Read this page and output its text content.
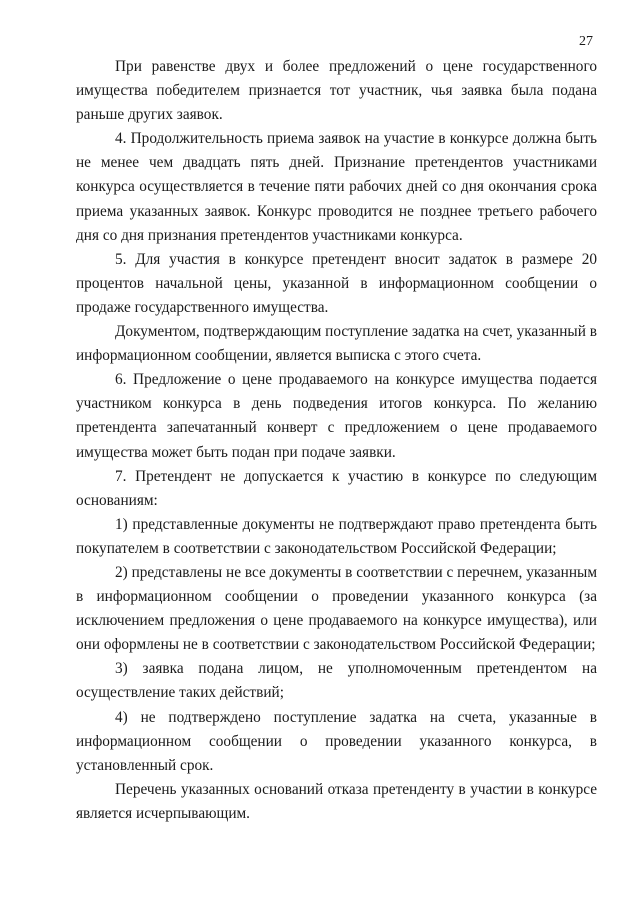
27

При равенстве двух и более предложений о цене государственного имущества победителем признается тот участник, чья заявка была подана раньше других заявок.

4. Продолжительность приема заявок на участие в конкурсе должна быть не менее чем двадцать пять дней. Признание претендентов участниками конкурса осуществляется в течение пяти рабочих дней со дня окончания срока приема указанных заявок. Конкурс проводится не позднее третьего рабочего дня со дня признания претендентов участниками конкурса.

5. Для участия в конкурсе претендент вносит задаток в размере 20 процентов начальной цены, указанной в информационном сообщении о продаже государственного имущества.

Документом, подтверждающим поступление задатка на счет, указанный в информационном сообщении, является выписка с этого счета.

6. Предложение о цене продаваемого на конкурсе имущества подается участником конкурса в день подведения итогов конкурса. По желанию претендента запечатанный конверт с предложением о цене продаваемого имущества может быть подан при подаче заявки.

7. Претендент не допускается к участию в конкурсе по следующим основаниям:

1) представленные документы не подтверждают право претендента быть покупателем в соответствии с законодательством Российской Федерации;

2) представлены не все документы в соответствии с перечнем, указанным в информационном сообщении о проведении указанного конкурса (за исключением предложения о цене продаваемого на конкурсе имущества), или они оформлены не в соответствии с законодательством Российской Федерации;

3) заявка подана лицом, не уполномоченным претендентом на осуществление таких действий;

4) не подтверждено поступление задатка на счета, указанные в информационном сообщении о проведении указанного конкурса, в установленный срок.

Перечень указанных оснований отказа претенденту в участии в конкурсе является исчерпывающим.
